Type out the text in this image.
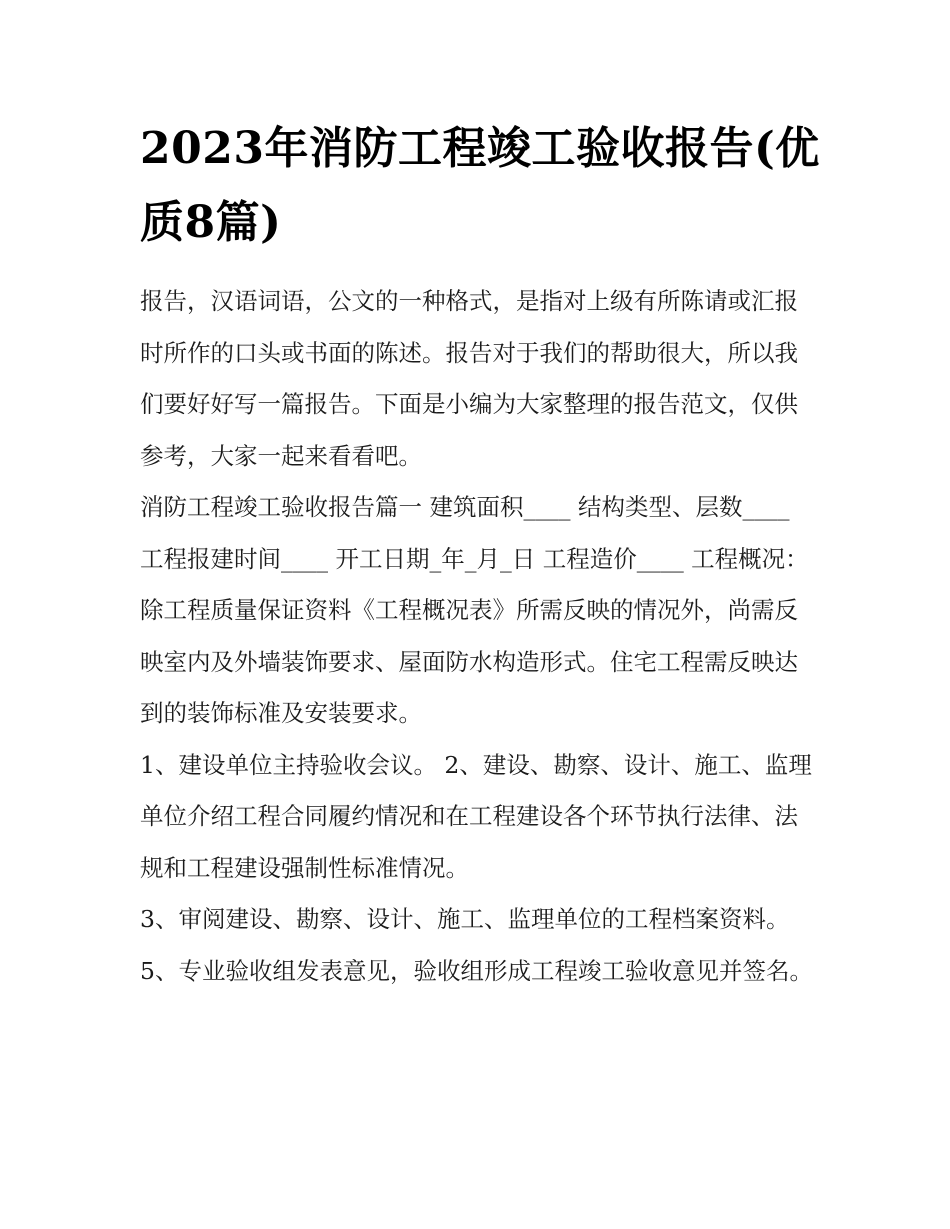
2023年消防工程竣工验收报告(优质8篇)

报告，汉语词语，公文的一种格式，是指对上级有所陈请或汇报时所作的口头或书面的陈述。报告对于我们的帮助很大，所以我们要好好写一篇报告。下面是小编为大家整理的报告范文，仅供参考，大家一起来看看吧。

消防工程竣工验收报告篇一 建筑面积____ 结构类型、层数____ 工程报建时间____ 开工日期_年_月_日 工程造价____ 工程概况：

除工程质量保证资料《工程概况表》所需反映的情况外，尚需反映室内及外墙装饰要求、屋面防水构造形式。住宅工程需反映达到的装饰标准及安装要求。

1、建设单位主持验收会议。 2、建设、勘察、设计、施工、监理单位介绍工程合同履约情况和在工程建设各个环节执行法律、法规和工程建设强制性标准情况。

3、审阅建设、勘察、设计、施工、监理单位的工程档案资料。 5、专业验收组发表意见，验收组形成工程竣工验收意见并签名。
